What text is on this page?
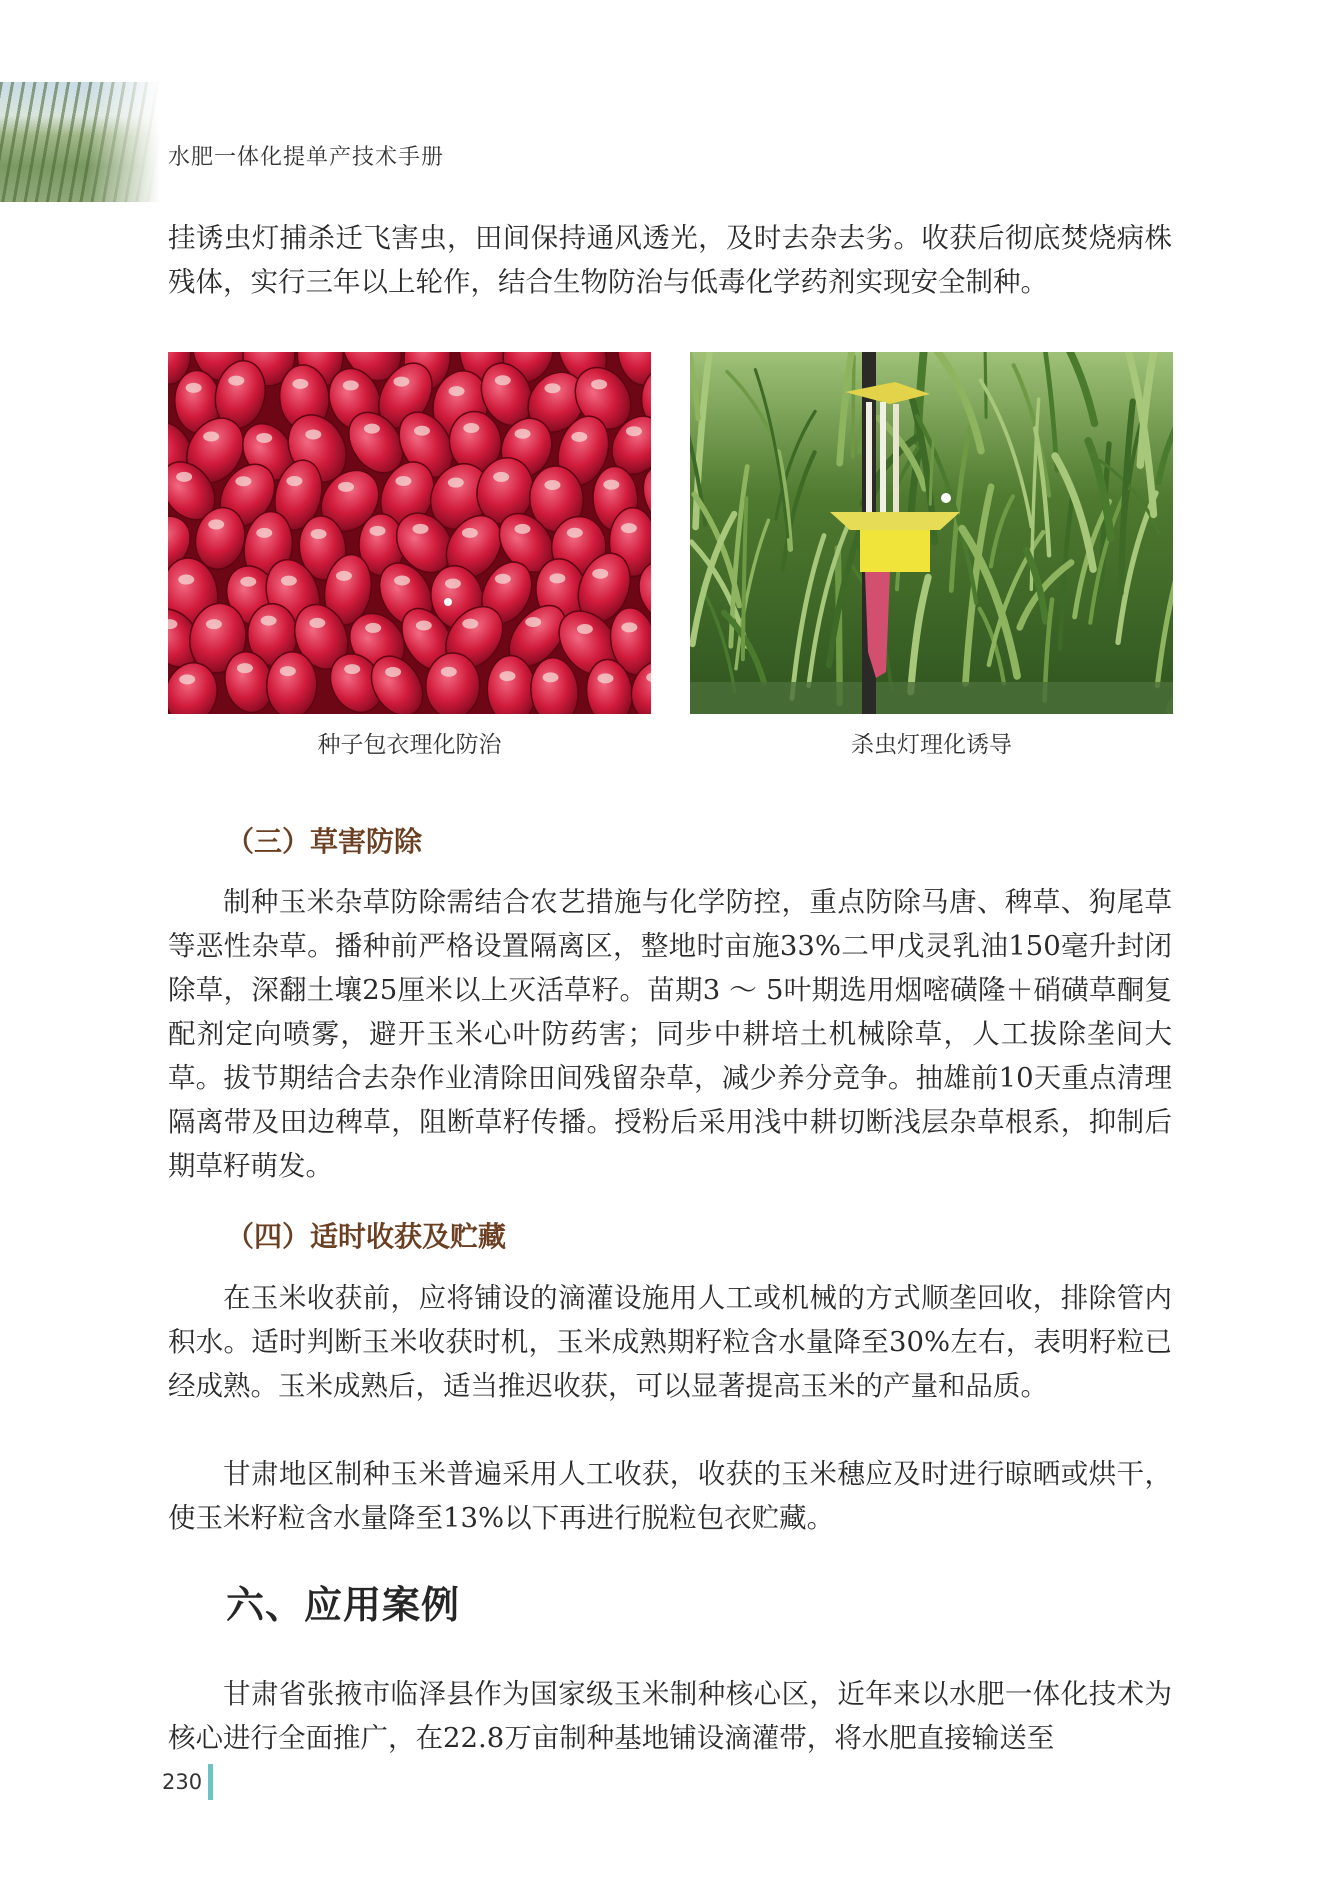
水肥一体化提单产技术手册

挂诱虫灯捕杀迁飞害虫，田间保持通风透光，及时去杂去劣。收获后彻底焚烧病株残体，实行三年以上轮作，结合生物防治与低毒化学药剂实现安全制种。

种子包衣理化防治	杀虫灯理化诱导
（三）草害防除

制种玉米杂草防除需结合农艺措施与化学防控，重点防除马唐、稗草、狗尾草等恶性杂草。播种前严格设置隔离区，整地时亩施33%二甲戊灵乳油150毫升封闭除草，深翻土壤25厘米以上灭活草籽。苗期3 ～ 5叶期选用烟嘧磺隆＋硝磺草酮复配剂定向喷雾，避开玉米心叶防药害；同步中耕培土机械除草，人工拔除垄间大草。拔节期结合去杂作业清除田间残留杂草，减少养分竞争。抽雄前10天重点清理隔离带及田边稗草，阻断草籽传播。授粉后采用浅中耕切断浅层杂草根系，抑制后期草籽萌发。

（四）适时收获及贮藏

在玉米收获前，应将铺设的滴灌设施用人工或机械的方式顺垄回收，排除管内积水。适时判断玉米收获时机，玉米成熟期籽粒含水量降至30%左右，表明籽粒已经成熟。玉米成熟后，适当推迟收获，可以显著提高玉米的产量和品质。

甘肃地区制种玉米普遍采用人工收获，收获的玉米穗应及时进行晾晒或烘干，使玉米籽粒含水量降至13%以下再进行脱粒包衣贮藏。

六、应用案例

甘肃省张掖市临泽县作为国家级玉米制种核心区，近年来以水肥一体化技术为核心进行全面推广，在22.8万亩制种基地铺设滴灌带，将水肥直接输送至

230
